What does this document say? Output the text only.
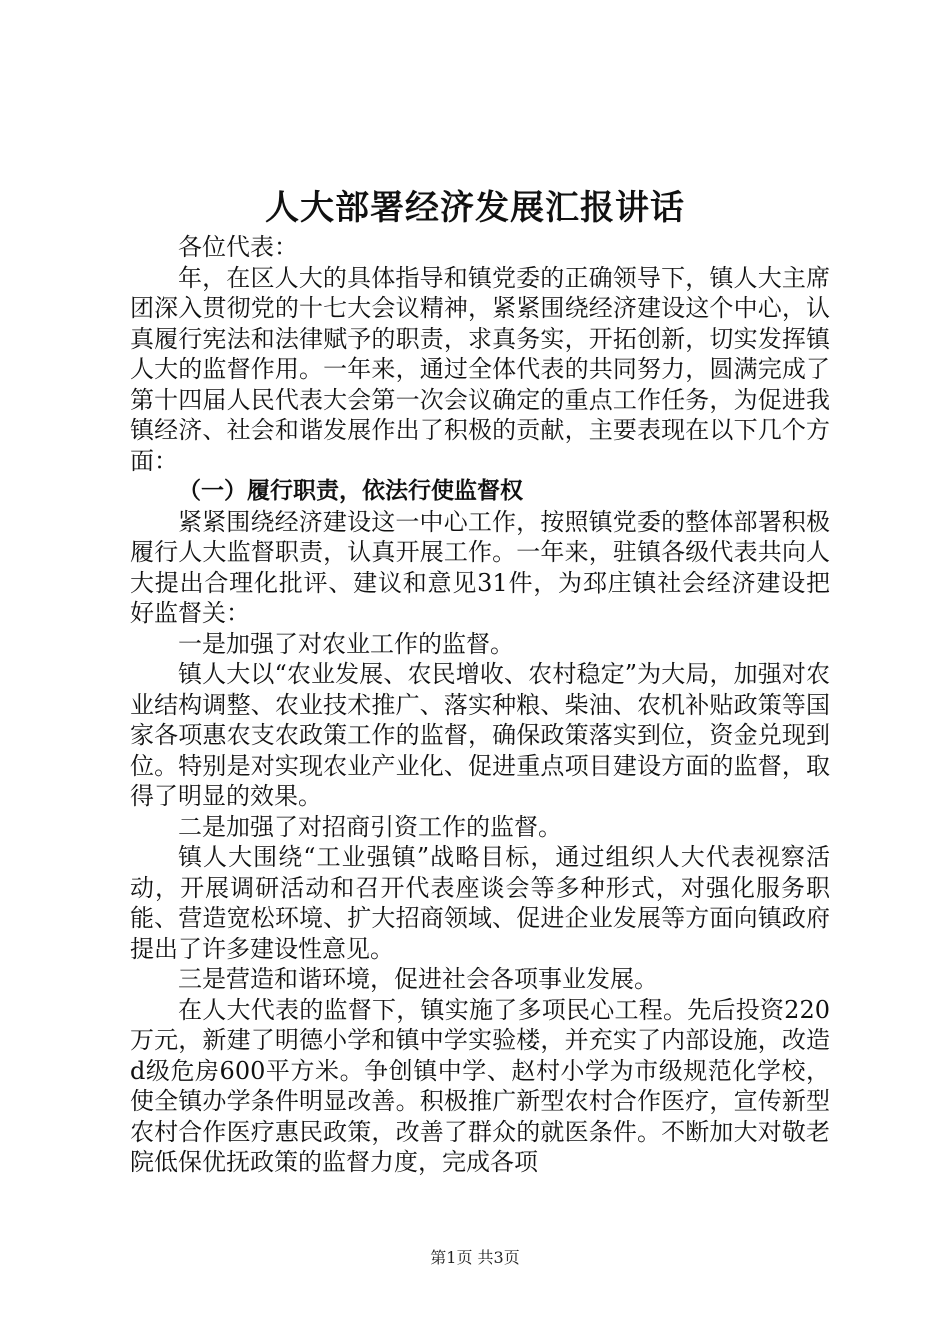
人大部署经济发展汇报讲话

各位代表：

年，在区人大的具体指导和镇党委的正确领导下，镇人大主席团深入贯彻党的十七大会议精神，紧紧围绕经济建设这个中心，认真履行宪法和法律赋予的职责，求真务实，开拓创新，切实发挥镇人大的监督作用。一年来，通过全体代表的共同努力，圆满完成了第十四届人民代表大会第一次会议确定的重点工作任务，为促进我镇经济、社会和谐发展作出了积极的贡献，主要表现在以下几个方面：

（一）履行职责，依法行使监督权

紧紧围绕经济建设这一中心工作，按照镇党委的整体部署积极履行人大监督职责，认真开展工作。一年来，驻镇各级代表共向人大提出合理化批评、建议和意见31件，为邳庄镇社会经济建设把好监督关：

一是加强了对农业工作的监督。

镇人大以“农业发展、农民增收、农村稳定”为大局，加强对农业结构调整、农业技术推广、落实种粮、柴油、农机补贴政策等国家各项惠农支农政策工作的监督，确保政策落实到位，资金兑现到位。特别是对实现农业产业化、促进重点项目建设方面的监督，取得了明显的效果。

二是加强了对招商引资工作的监督。

镇人大围绕“工业强镇”战略目标，通过组织人大代表视察活动，开展调研活动和召开代表座谈会等多种形式，对强化服务职能、营造宽松环境、扩大招商领域、促进企业发展等方面向镇政府提出了许多建设性意见。

三是营造和谐环境，促进社会各项事业发展。

在人大代表的监督下，镇实施了多项民心工程。先后投资220万元，新建了明德小学和镇中学实验楼，并充实了内部设施，改造d级危房600平方米。争创镇中学、赵村小学为市级规范化学校，使全镇办学条件明显改善。积极推广新型农村合作医疗，宣传新型农村合作医疗惠民政策，改善了群众的就医条件。不断加大对敬老院低保优抚政策的监督力度，完成各项

第1页 共3页
